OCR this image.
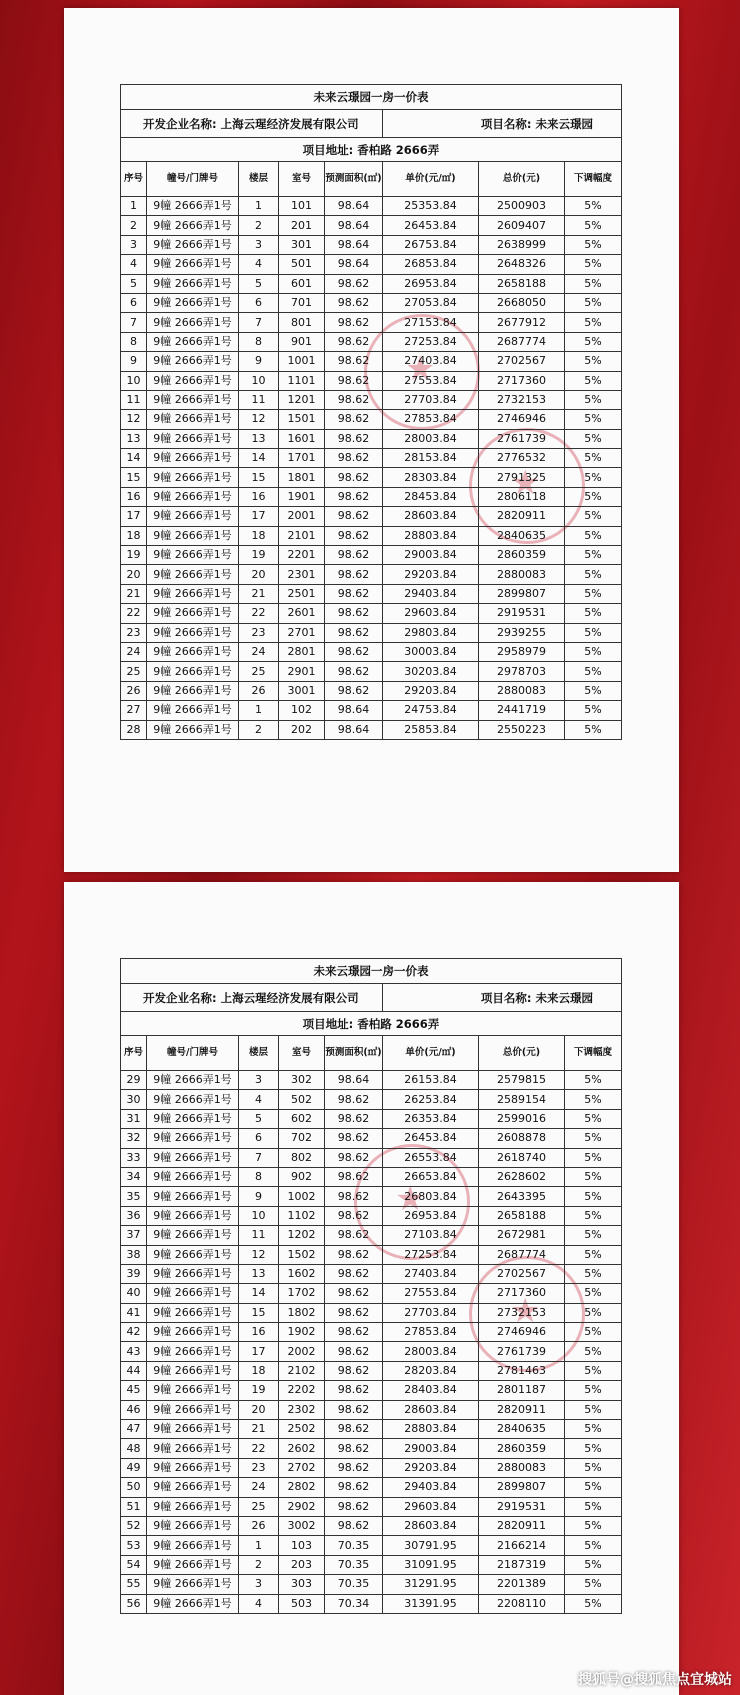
★
★
未来云璟园一房一价表							
开发企业名称: 上海云瑆经济发展有限公司					项目名称: 未来云璟园		
项目地址: 香柏路 2666弄							
序号	幢号/门牌号	楼层	室号	预测面积(㎡)	单价(元/㎡)	总价(元)	下调幅度
1	9幢 2666弄1号	1	101	98.64	25353.84	2500903	5%
2	9幢 2666弄1号	2	201	98.64	26453.84	2609407	5%
3	9幢 2666弄1号	3	301	98.64	26753.84	2638999	5%
4	9幢 2666弄1号	4	501	98.64	26853.84	2648326	5%
5	9幢 2666弄1号	5	601	98.62	26953.84	2658188	5%
6	9幢 2666弄1号	6	701	98.62	27053.84	2668050	5%
7	9幢 2666弄1号	7	801	98.62	27153.84	2677912	5%
8	9幢 2666弄1号	8	901	98.62	27253.84	2687774	5%
9	9幢 2666弄1号	9	1001	98.62	27403.84	2702567	5%
10	9幢 2666弄1号	10	1101	98.62	27553.84	2717360	5%
11	9幢 2666弄1号	11	1201	98.62	27703.84	2732153	5%
12	9幢 2666弄1号	12	1501	98.62	27853.84	2746946	5%
13	9幢 2666弄1号	13	1601	98.62	28003.84	2761739	5%
14	9幢 2666弄1号	14	1701	98.62	28153.84	2776532	5%
15	9幢 2666弄1号	15	1801	98.62	28303.84	2791325	5%
16	9幢 2666弄1号	16	1901	98.62	28453.84	2806118	5%
17	9幢 2666弄1号	17	2001	98.62	28603.84	2820911	5%
18	9幢 2666弄1号	18	2101	98.62	28803.84	2840635	5%
19	9幢 2666弄1号	19	2201	98.62	29003.84	2860359	5%
20	9幢 2666弄1号	20	2301	98.62	29203.84	2880083	5%
21	9幢 2666弄1号	21	2501	98.62	29403.84	2899807	5%
22	9幢 2666弄1号	22	2601	98.62	29603.84	2919531	5%
23	9幢 2666弄1号	23	2701	98.62	29803.84	2939255	5%
24	9幢 2666弄1号	24	2801	98.62	30003.84	2958979	5%
25	9幢 2666弄1号	25	2901	98.62	30203.84	2978703	5%
26	9幢 2666弄1号	26	3001	98.62	29203.84	2880083	5%
27	9幢 2666弄1号	1	102	98.64	24753.84	2441719	5%
28	9幢 2666弄1号	2	202	98.64	25853.84	2550223	5%
★
★
未来云璟园一房一价表							
开发企业名称: 上海云瑆经济发展有限公司					项目名称: 未来云璟园		
项目地址: 香柏路 2666弄							
序号	幢号/门牌号	楼层	室号	预测面积(㎡)	单价(元/㎡)	总价(元)	下调幅度
29	9幢 2666弄1号	3	302	98.64	26153.84	2579815	5%
30	9幢 2666弄1号	4	502	98.62	26253.84	2589154	5%
31	9幢 2666弄1号	5	602	98.62	26353.84	2599016	5%
32	9幢 2666弄1号	6	702	98.62	26453.84	2608878	5%
33	9幢 2666弄1号	7	802	98.62	26553.84	2618740	5%
34	9幢 2666弄1号	8	902	98.62	26653.84	2628602	5%
35	9幢 2666弄1号	9	1002	98.62	26803.84	2643395	5%
36	9幢 2666弄1号	10	1102	98.62	26953.84	2658188	5%
37	9幢 2666弄1号	11	1202	98.62	27103.84	2672981	5%
38	9幢 2666弄1号	12	1502	98.62	27253.84	2687774	5%
39	9幢 2666弄1号	13	1602	98.62	27403.84	2702567	5%
40	9幢 2666弄1号	14	1702	98.62	27553.84	2717360	5%
41	9幢 2666弄1号	15	1802	98.62	27703.84	2732153	5%
42	9幢 2666弄1号	16	1902	98.62	27853.84	2746946	5%
43	9幢 2666弄1号	17	2002	98.62	28003.84	2761739	5%
44	9幢 2666弄1号	18	2102	98.62	28203.84	2781463	5%
45	9幢 2666弄1号	19	2202	98.62	28403.84	2801187	5%
46	9幢 2666弄1号	20	2302	98.62	28603.84	2820911	5%
47	9幢 2666弄1号	21	2502	98.62	28803.84	2840635	5%
48	9幢 2666弄1号	22	2602	98.62	29003.84	2860359	5%
49	9幢 2666弄1号	23	2702	98.62	29203.84	2880083	5%
50	9幢 2666弄1号	24	2802	98.62	29403.84	2899807	5%
51	9幢 2666弄1号	25	2902	98.62	29603.84	2919531	5%
52	9幢 2666弄1号	26	3002	98.62	28603.84	2820911	5%
53	9幢 2666弄1号	1	103	70.35	30791.95	2166214	5%
54	9幢 2666弄1号	2	203	70.35	31091.95	2187319	5%
55	9幢 2666弄1号	3	303	70.35	31291.95	2201389	5%
56	9幢 2666弄1号	4	503	70.34	31391.95	2208110	5%
搜狐号@搜狐焦点宜城站
